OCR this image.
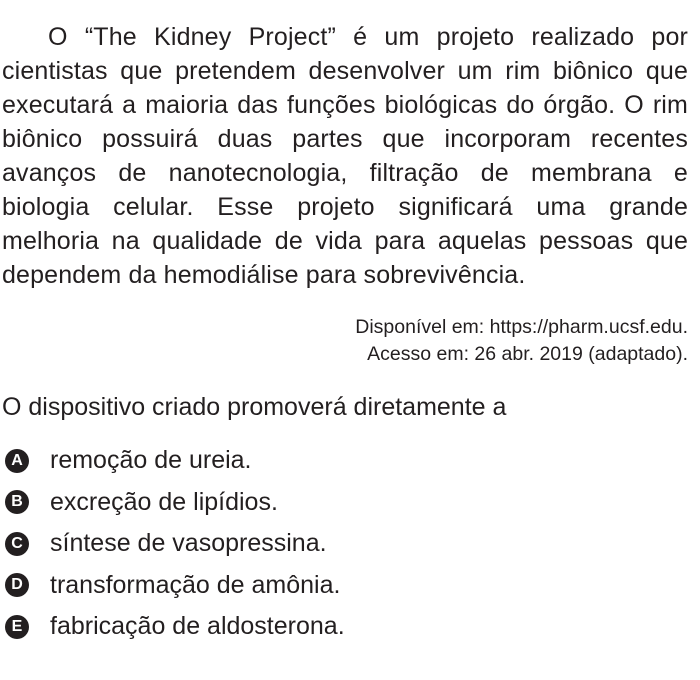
O “The Kidney Project” é um projeto realizado por cientistas que pretendem desenvolver um rim biônico que executará a maioria das funções biológicas do órgão. O rim biônico possuirá duas partes que incorporam recentes avanços de nanotecnologia, filtração de membrana e biologia celular. Esse projeto significará uma grande melhoria na qualidade de vida para aquelas pessoas que dependem da hemodiálise para sobrevivência.

Disponível em: https://pharm.ucsf.edu.
Acesso em: 26 abr. 2019 (adaptado).
O dispositivo criado promoverá diretamente a
A remoção de ureia.
B excreção de lipídios.
C síntese de vasopressina.
D transformação de amônia.
E fabricação de aldosterona.
